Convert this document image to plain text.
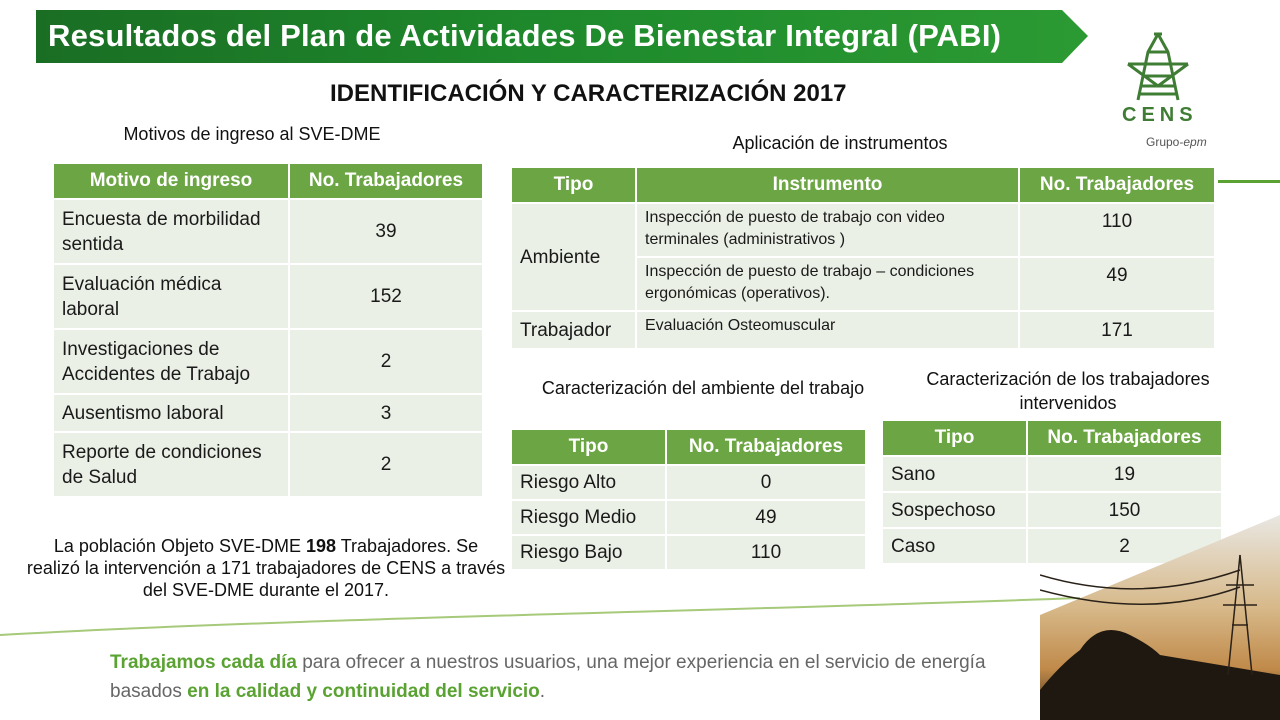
Resultados del Plan de Actividades De Bienestar Integral (PABI)
CENS
Grupo-epm
IDENTIFICACIÓN Y CARACTERIZACIÓN 2017
Motivos de ingreso al SVE-DME
Motivo de ingreso	No. Trabajadores
Encuesta de morbilidad sentida	39
Evaluación médica laboral	152
Investigaciones de Accidentes de Trabajo	2
Ausentismo laboral	3
Reporte de condiciones de Salud	2
Aplicación de instrumentos
Tipo	Instrumento	No. Trabajadores
Ambiente	Inspección de puesto de trabajo con video terminales (administrativos )	110
	Inspección de puesto de trabajo – condiciones ergonómicas (operativos).	49
Trabajador	Evaluación Osteomuscular	171
Caracterización del ambiente del trabajo
Tipo	No. Trabajadores
Riesgo Alto	0
Riesgo Medio	49
Riesgo Bajo	110
Caracterización de los trabajadores intervenidos
Tipo	No. Trabajadores
Sano	19
Sospechoso	150
Caso	2
La población Objeto SVE-DME 198 Trabajadores. Se realizó la intervención a 171 trabajadores de CENS a través del SVE-DME durante el 2017.
Trabajamos cada día para ofrecer a nuestros usuarios, una mejor experiencia en el servicio de energía basados en la calidad y continuidad del servicio.
